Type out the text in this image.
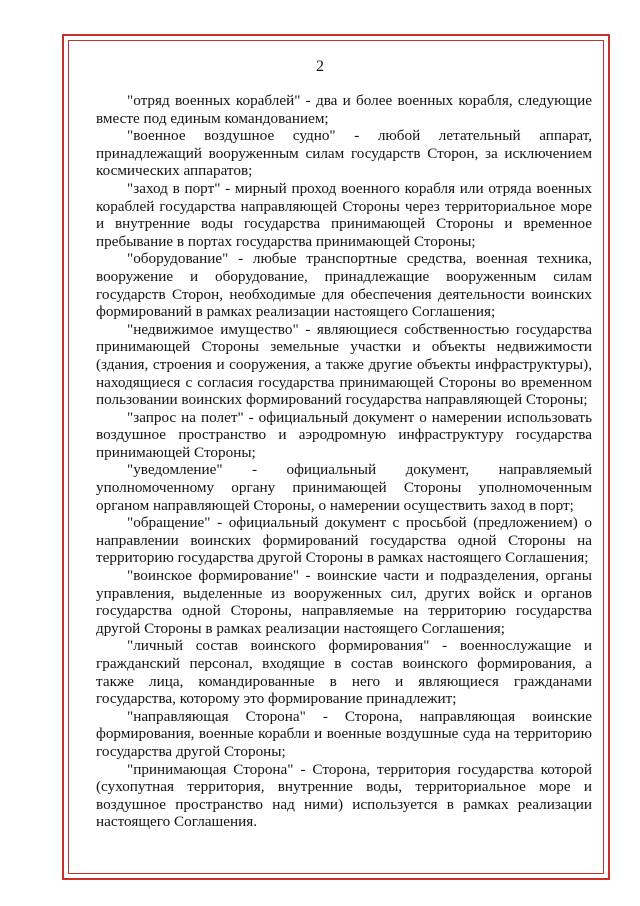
2

"отряд военных кораблей" - два и более военных корабля, следующие вместе под единым командованием;

"военное воздушное судно" - любой летательный аппарат, принадлежащий вооруженным силам государств Сторон, за исключением космических аппаратов;

"заход в порт" - мирный проход военного корабля или отряда военных кораблей государства направляющей Стороны через территориальное море и внутренние воды государства принимающей Стороны и временное пребывание в портах государства принимающей Стороны;

"оборудование" - любые транспортные средства, военная техника, вооружение и оборудование, принадлежащие вооруженным силам государств Сторон, необходимые для обеспечения деятельности воинских формирований в рамках реализации настоящего Соглашения;

"недвижимое имущество" - являющиеся собственностью государства принимающей Стороны земельные участки и объекты недвижимости (здания, строения и сооружения, а также другие объекты инфраструктуры), находящиеся с согласия государства принимающей Стороны во временном пользовании воинских формирований государства направляющей Стороны;

"запрос на полет" - официальный документ о намерении использовать воздушное пространство и аэродромную инфраструктуру государства принимающей Стороны;

"уведомление" - официальный документ, направляемый уполномоченному органу принимающей Стороны уполномоченным органом направляющей Стороны, о намерении осуществить заход в порт;

"обращение" - официальный документ с просьбой (предложением) о направлении воинских формирований государства одной Стороны на территорию государства другой Стороны в рамках настоящего Соглашения;

"воинское формирование" - воинские части и подразделения, органы управления, выделенные из вооруженных сил, других войск и органов государства одной Стороны, направляемые на территорию государства другой Стороны в рамках реализации настоящего Соглашения;

"личный состав воинского формирования" - военнослужащие и гражданский персонал, входящие в состав воинского формирования, а также лица, командированные в него и являющиеся гражданами государства, которому это формирование принадлежит;

"направляющая Сторона" - Сторона, направляющая воинские формирования, военные корабли и военные воздушные суда на территорию государства другой Стороны;

"принимающая Сторона" - Сторона, территория государства которой (сухопутная территория, внутренние воды, территориальное море и воздушное пространство над ними) используется в рамках реализации настоящего Соглашения.
